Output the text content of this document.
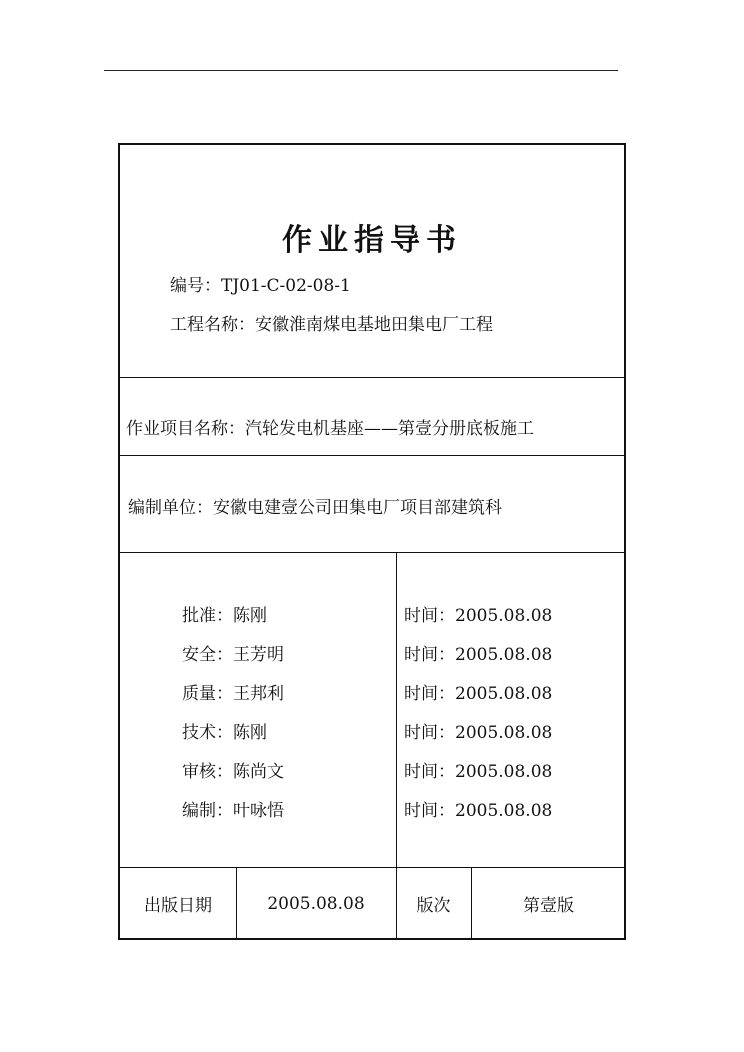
作业指导书
编号：TJ01-C-02-08-1
工程名称：安徽淮南煤电基地田集电厂工程
作业项目名称：汽轮发电机基座——第壹分册底板施工
编制单位：安徽电建壹公司田集电厂项目部建筑科
批准：陈刚	时间：2005.08.08
安全：王芳明	时间：2005.08.08
质量：王邦利	时间：2005.08.08
技术：陈刚	时间：2005.08.08
审核：陈尚文	时间：2005.08.08
编制：叶咏悟	时间：2005.08.08
出版日期	2005.08.08	版次	第壹版
